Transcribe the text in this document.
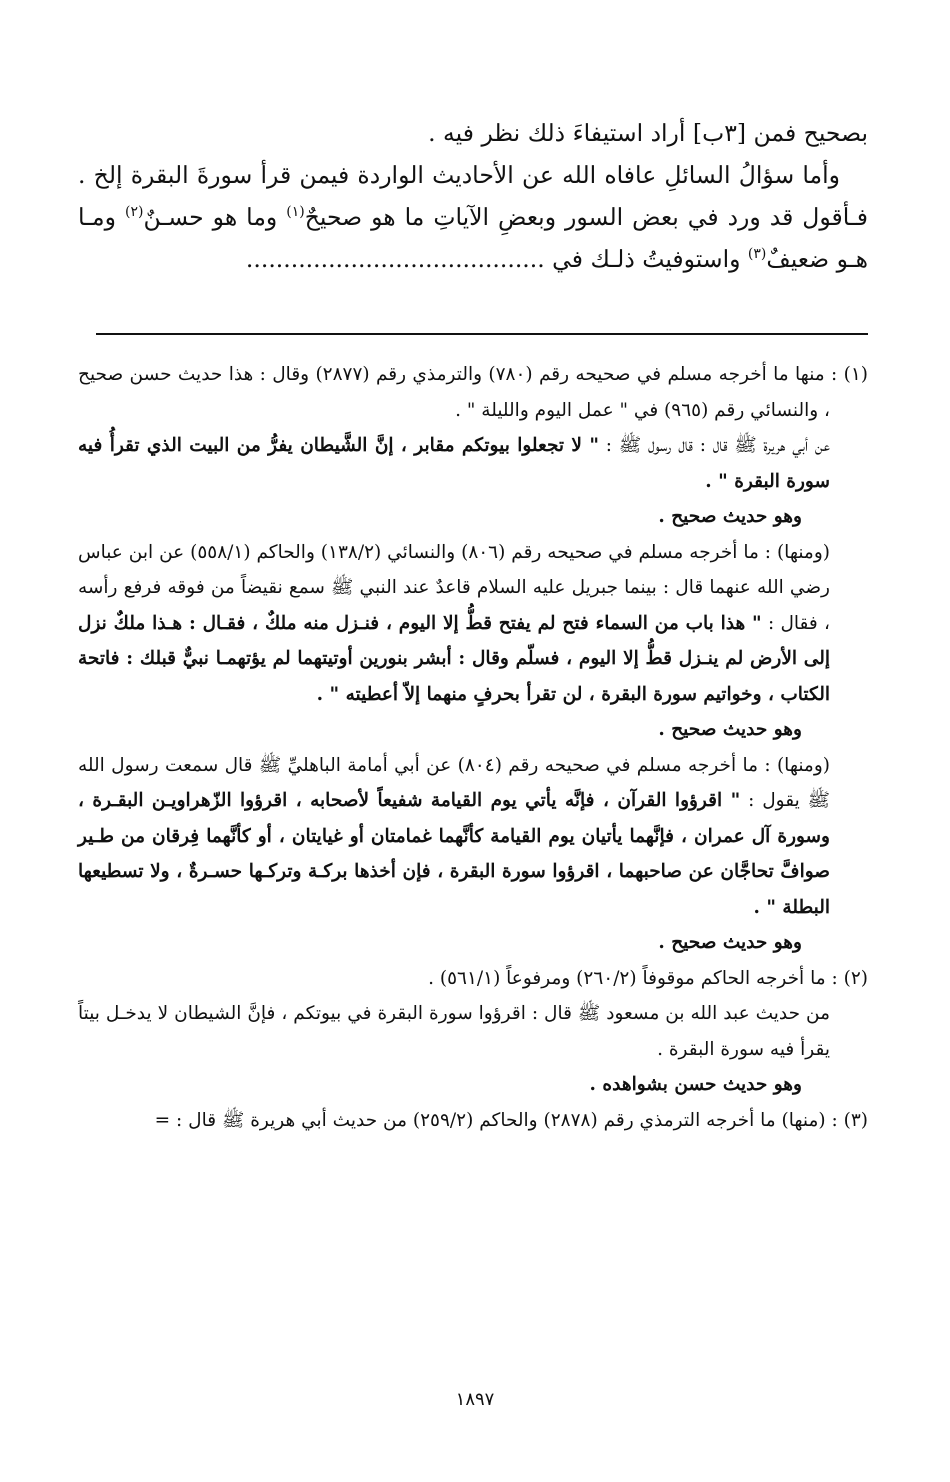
بصحيح فمن [٣ب] أراد استيفاءَ ذلك نظر فيه .

وأما سؤالُ السائلِ عافاه الله عن الأحاديث الواردة فيمن قرأ سورةَ البقرة إلخ . فـأقول قد ورد في بعض السور وبعضِ الآياتِ ما هو صحيحٌ$^{(١)}$ وما هو حسـنٌ$^{(٢)}$ ومـا هـو ضعيفٌ$^{(٣)}$ واستوفيتُ ذلـك في ........................................

(١) : منها ما أخرجه مسلم في صحيحه رقم (٧٨٠) والترمذي رقم (٢٨٧٧) وقال : هذا حديث حسن صحيح ، والنسائي رقم (٩٦٥) في " عمل اليوم والليلة " .

عن أبي هريرة ﷺ قال : قال رسول ﷺ : " لا تجعلوا بيوتكم مقابر ، إنَّ الشَّيطان يفرُّ من البيت الذي تقرأُ فيه سورة البقرة " .

وهو حديث صحيح .

(ومنها) : ما أخرجه مسلم في صحيحه رقم (٨٠٦) والنسائي (١٣٨/٢) والحاكم (٥٥٨/١) عن ابن عباس رضي الله عنهما قال : بينما جبريل عليه السلام قاعدٌ عند النبي ﷺ سمع نقيضاً من فوقه فرفع رأسه ، فقال : " هذا باب من السماء فتح لم يفتح قطُّ إلا اليوم ، فنـزل منه ملكٌ ، فقـال : هـذا ملكٌ نزل إلى الأرض لم ينـزل قطُّ إلا اليوم ، فسلّم وقال : أبشر بنورين أوتيتهما لم يؤتهمـا نبيٌّ قبلك : فاتحة الكتاب ، وخواتيم سورة البقرة ، لن تقرأ بحرفٍ منهما إلاّ أعطيته " .

وهو حديث صحيح .

(ومنها) : ما أخرجه مسلم في صحيحه رقم (٨٠٤) عن أبي أمامة الباهليِّ ﷺ قال سمعت رسول الله ﷺ يقول : " اقرؤوا القرآن ، فإنَّه يأتي يوم القيامة شفيعاً لأصحابه ، اقرؤوا الزّهراويـن البقـرة ، وسورة آل عمران ، فإنَّهما يأتيان يوم القيامة كأنَّهما غمامتان أو غيايتان ، أو كأنَّهما فِرقان من طـير صوافَّ تحاجَّان عن صاحبهما ، اقرؤوا سورة البقرة ، فإن أخذها بركـة وتركـها حسـرةٌ ، ولا تسطيعها البطلة " .

وهو حديث صحيح .

(٢) : ما أخرجه الحاكم موقوفاً (٢٦٠/٢) ومرفوعاً (٥٦١/١) .

من حديث عبد الله بن مسعود ﷺ قال : اقرؤوا سورة البقرة في بيوتكم ، فإنَّ الشيطان لا يدخـل بيتاً يقرأ فيه سورة البقرة .

وهو حديث حسن بشواهده .

(٣) : (منها) ما أخرجه الترمذي رقم (٢٨٧٨) والحاكم (٢٥٩/٢) من حديث أبي هريرة ﷺ قال : =

١٨٩٧
